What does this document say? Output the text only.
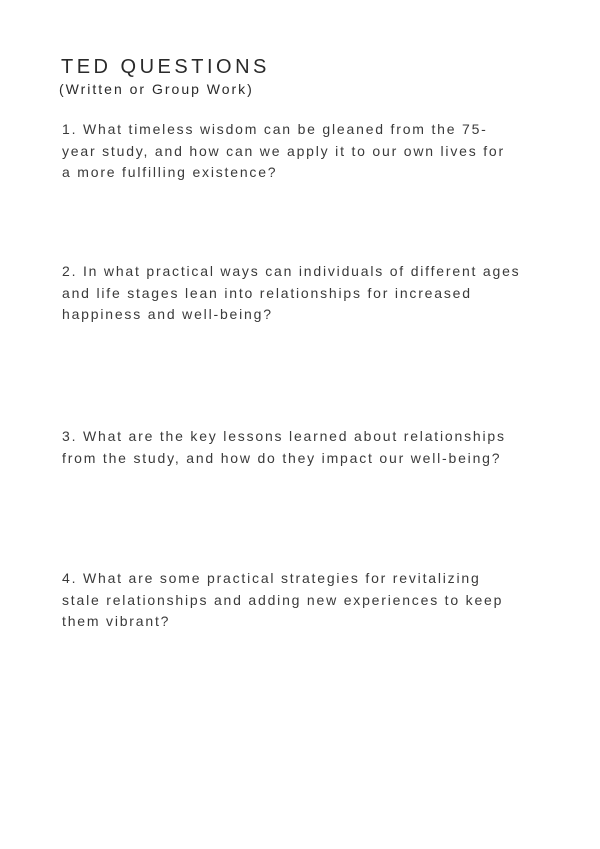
TED QUESTIONS
(Written or Group Work)
1. What timeless wisdom can be gleaned from the 75-
year study, and how can we apply it to our own lives for
a more fulfilling existence?
2. In what practical ways can individuals of different ages
and life stages lean into relationships for increased
happiness and well-being?
3. What are the key lessons learned about relationships
from the study, and how do they impact our well-being?
4. What are some practical strategies for revitalizing
stale relationships and adding new experiences to keep
them vibrant?
